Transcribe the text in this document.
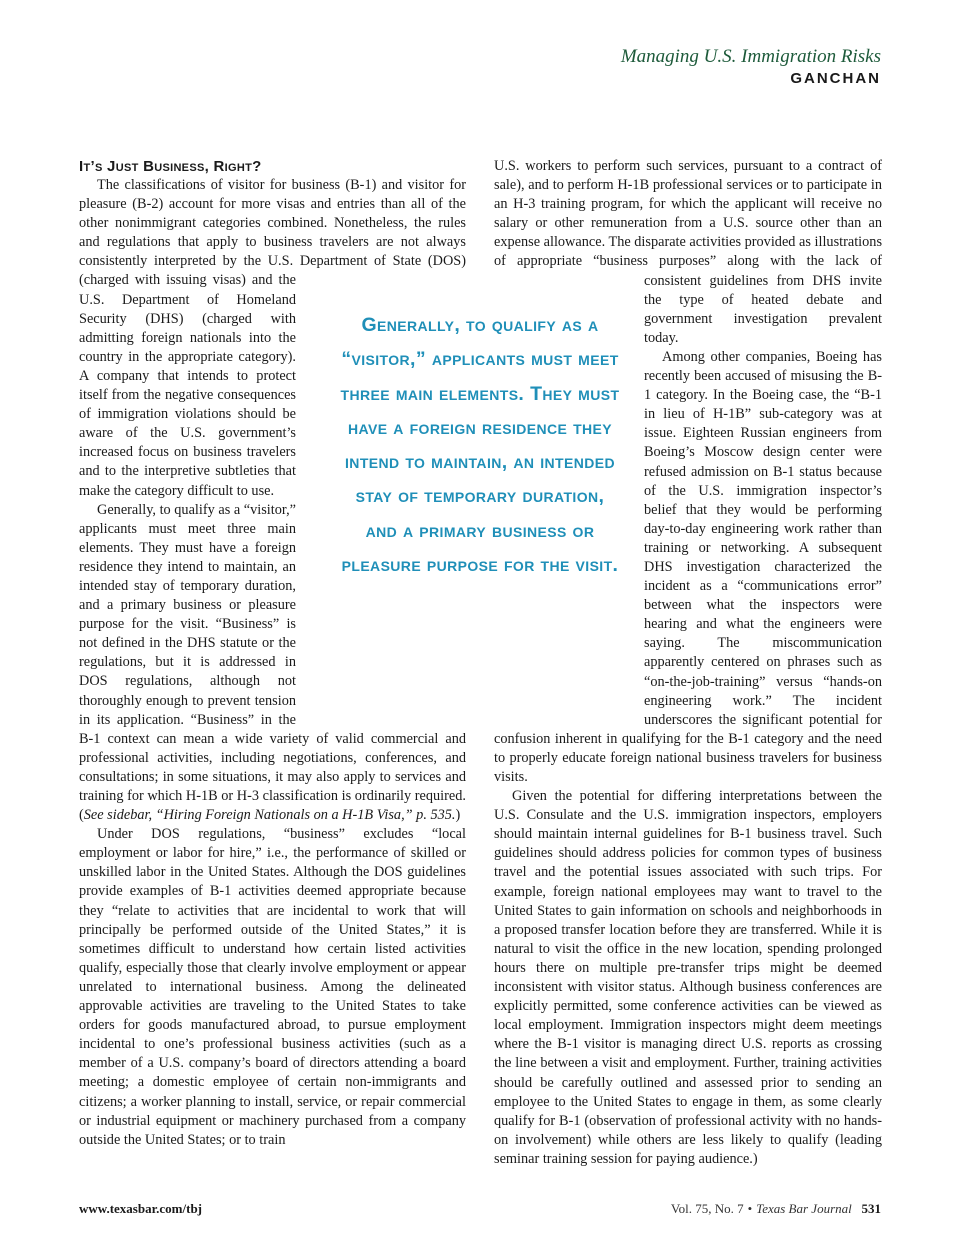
Managing U.S. Immigration Risks
GANCHAN
It’s Just Business, Right?

The classifications of visitor for business (B-1) and visitor for pleasure (B-2) account for more visas and entries than all of the other nonimmigrant categories combined. Nonetheless, the rules and regulations that apply to business travelers are not always consistently interpreted by the U.S. Department of State (DOS) (charged with issuing visas) and the U.S. Department of Homeland Security (DHS) (charged with admitting foreign nationals into the country in the appropriate category). A company that intends to protect itself from the negative consequences of immigration violations should be aware of the U.S. government’s increased focus on business travelers and to the interpretive subtleties that make the category difficult to use.

Generally, to qualify as a “visitor,” applicants must meet three main elements. They must have a foreign residence they intend to maintain, an intended stay of temporary duration, and a primary business or pleasure purpose for the visit. “Business” is not defined in the DHS statute or the regulations, but it is addressed in DOS regulations, although not thoroughly enough to prevent tension in its application. “Business” in the B-1 context can mean a wide variety of valid commercial and professional activities, including negotiations, conferences, and consultations; in some situations, it may also apply to services and training for which H-1B or H-3 classification is ordinarily required. (See sidebar, “Hiring Foreign Nationals on a H-1B Visa,” p. 535.)

Under DOS regulations, “business” excludes “local employment or labor for hire,” i.e., the performance of skilled or unskilled labor in the United States. Although the DOS guidelines provide examples of B-1 activities deemed appropriate because they “relate to activities that are incidental to work that will principally be performed outside of the United States,” it is sometimes difficult to understand how certain listed activities qualify, especially those that clearly involve employment or appear unrelated to international business. Among the delineated approvable activities are traveling to the United States to take orders for goods manufactured abroad, to pursue employment incidental to one’s professional business activities (such as a member of a U.S. company’s board of directors attending a board meeting; a domestic employee of certain non-immigrants and citizens; a worker planning to install, service, or repair commercial or industrial equipment or machinery purchased from a company outside the United States; or to train

U.S. workers to perform such services, pursuant to a contract of sale), and to perform H-1B professional services or to participate in an H-3 training program, for which the applicant will receive no salary or other remuneration from a U.S. source other than an expense allowance. The disparate activities provided as illustrations of appropriate “business purposes” along with the lack of consistent guidelines from DHS invite the type of heated debate and government investigation prevalent today.

Among other companies, Boeing has recently been accused of misusing the B-1 category. In the Boeing case, the “B-1 in lieu of H-1B” sub-category was at issue. Eighteen Russian engineers from Boeing’s Moscow design center were refused admission on B-1 status because of the U.S. immigration inspector’s belief that they would be performing day-to-day engineering work rather than training or networking. A subsequent DHS investigation characterized the incident as a “communications error” between what the inspectors were hearing and what the engineers were saying. The miscommunication apparently centered on phrases such as “on-the-job-training” versus “hands-on engineering work.” The incident underscores the significant potential for confusion inherent in qualifying for the B-1 category and the need to properly educate foreign national business travelers for business visits.

Given the potential for differing interpretations between the U.S. Consulate and the U.S. immigration inspectors, employers should maintain internal guidelines for B-1 business travel. Such guidelines should address policies for common types of business travel and the potential issues associated with such trips. For example, foreign national employees may want to travel to the United States to gain information on schools and neighborhoods in a proposed transfer location before they are transferred. While it is natural to visit the office in the new location, spending prolonged hours there on multiple pre-transfer trips might be deemed inconsistent with visitor status. Although business conferences are explicitly permitted, some conference activities can be viewed as local employment. Immigration inspectors might deem meetings where the B-1 visitor is managing direct U.S. reports as crossing the line between a visit and employment. Further, training activities should be carefully outlined and assessed prior to sending an employee to the United States to engage in them, as some clearly qualify for B-1 (observation of professional activity with no hands-on involvement) while others are less likely to qualify (leading seminar training session for paying audience.)

Generally, to qualify as a “visitor,” applicants must meet three main elements. They must have a foreign residence they intend to maintain, an intended stay of temporary duration, and a primary business or pleasure purpose for the visit.
www.texasbar.com/tbj	Vol. 75, No. 7 • Texas Bar Journal 531
